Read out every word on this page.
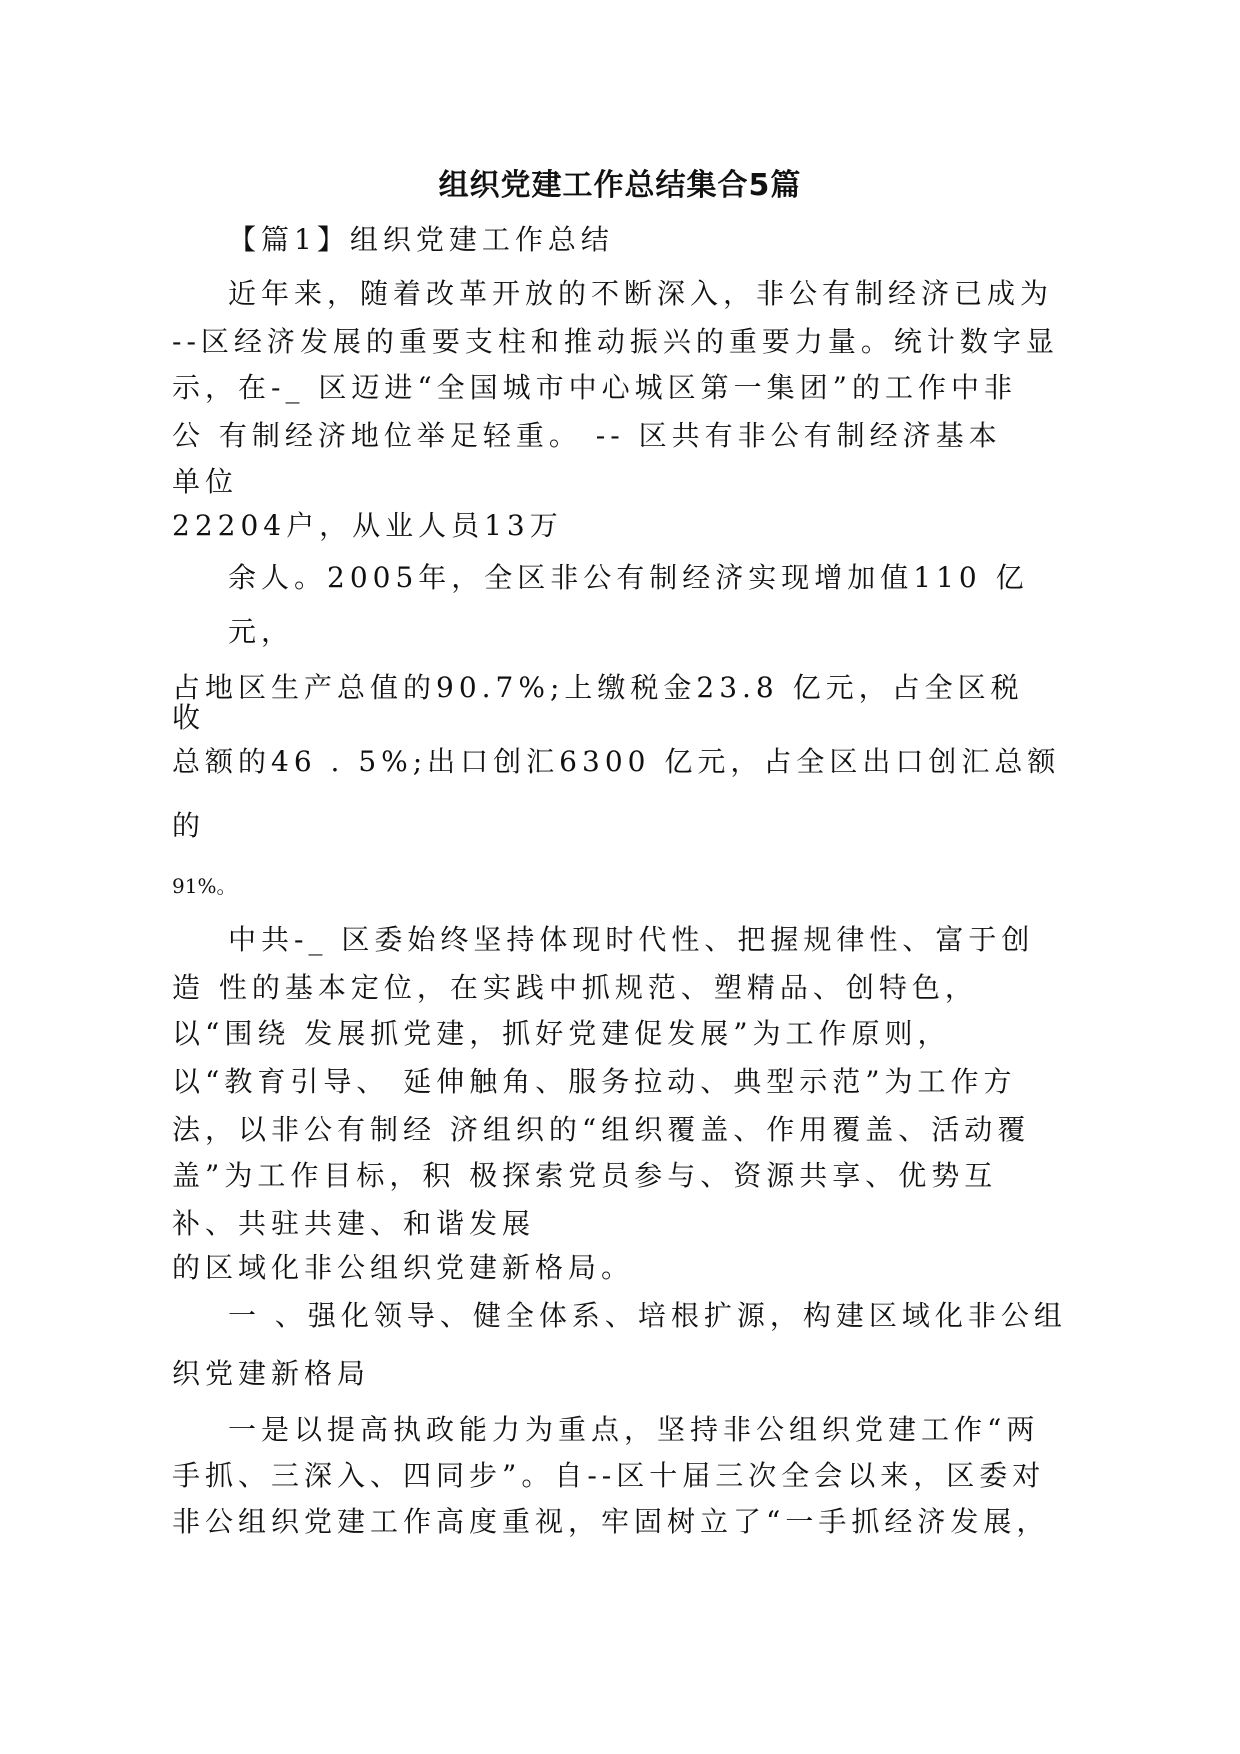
组织党建工作总结集合5篇
【篇1】组织党建工作总结
近年来，随着改革开放的不断深入，非公有制经济已成为
--区经济发展的重要支柱和推动振兴的重要力量。统计数字显
示，在-_ 区迈进“全国城市中心城区第一集团”的工作中非
公 有制经济地位举足轻重。 -- 区共有非公有制经济基本
单位
22204户，从业人员13万
余人。2005年，全区非公有制经济实现增加值110 亿
元，
占地区生产总值的90.7%;上缴税金23.8 亿元，占全区税
收
总额的46 . 5%;出口创汇6300 亿元，占全区出口创汇总额
的
91%。
中共-_ 区委始终坚持体现时代性、把握规律性、富于创
造 性的基本定位，在实践中抓规范、塑精品、创特色，
以“围绕 发展抓党建，抓好党建促发展”为工作原则，
以“教育引导、 延伸触角、服务拉动、典型示范”为工作方
法，以非公有制经 济组织的“组织覆盖、作用覆盖、活动覆
盖”为工作目标，积 极探索党员参与、资源共享、优势互
补、共驻共建、和谐发展
的区域化非公组织党建新格局。
一 、强化领导、健全体系、培根扩源，构建区域化非公组
织党建新格局
一是以提高执政能力为重点，坚持非公组织党建工作“两
手抓、三深入、四同步”。自--区十届三次全会以来，区委对
非公组织党建工作高度重视，牢固树立了“一手抓经济发展，
